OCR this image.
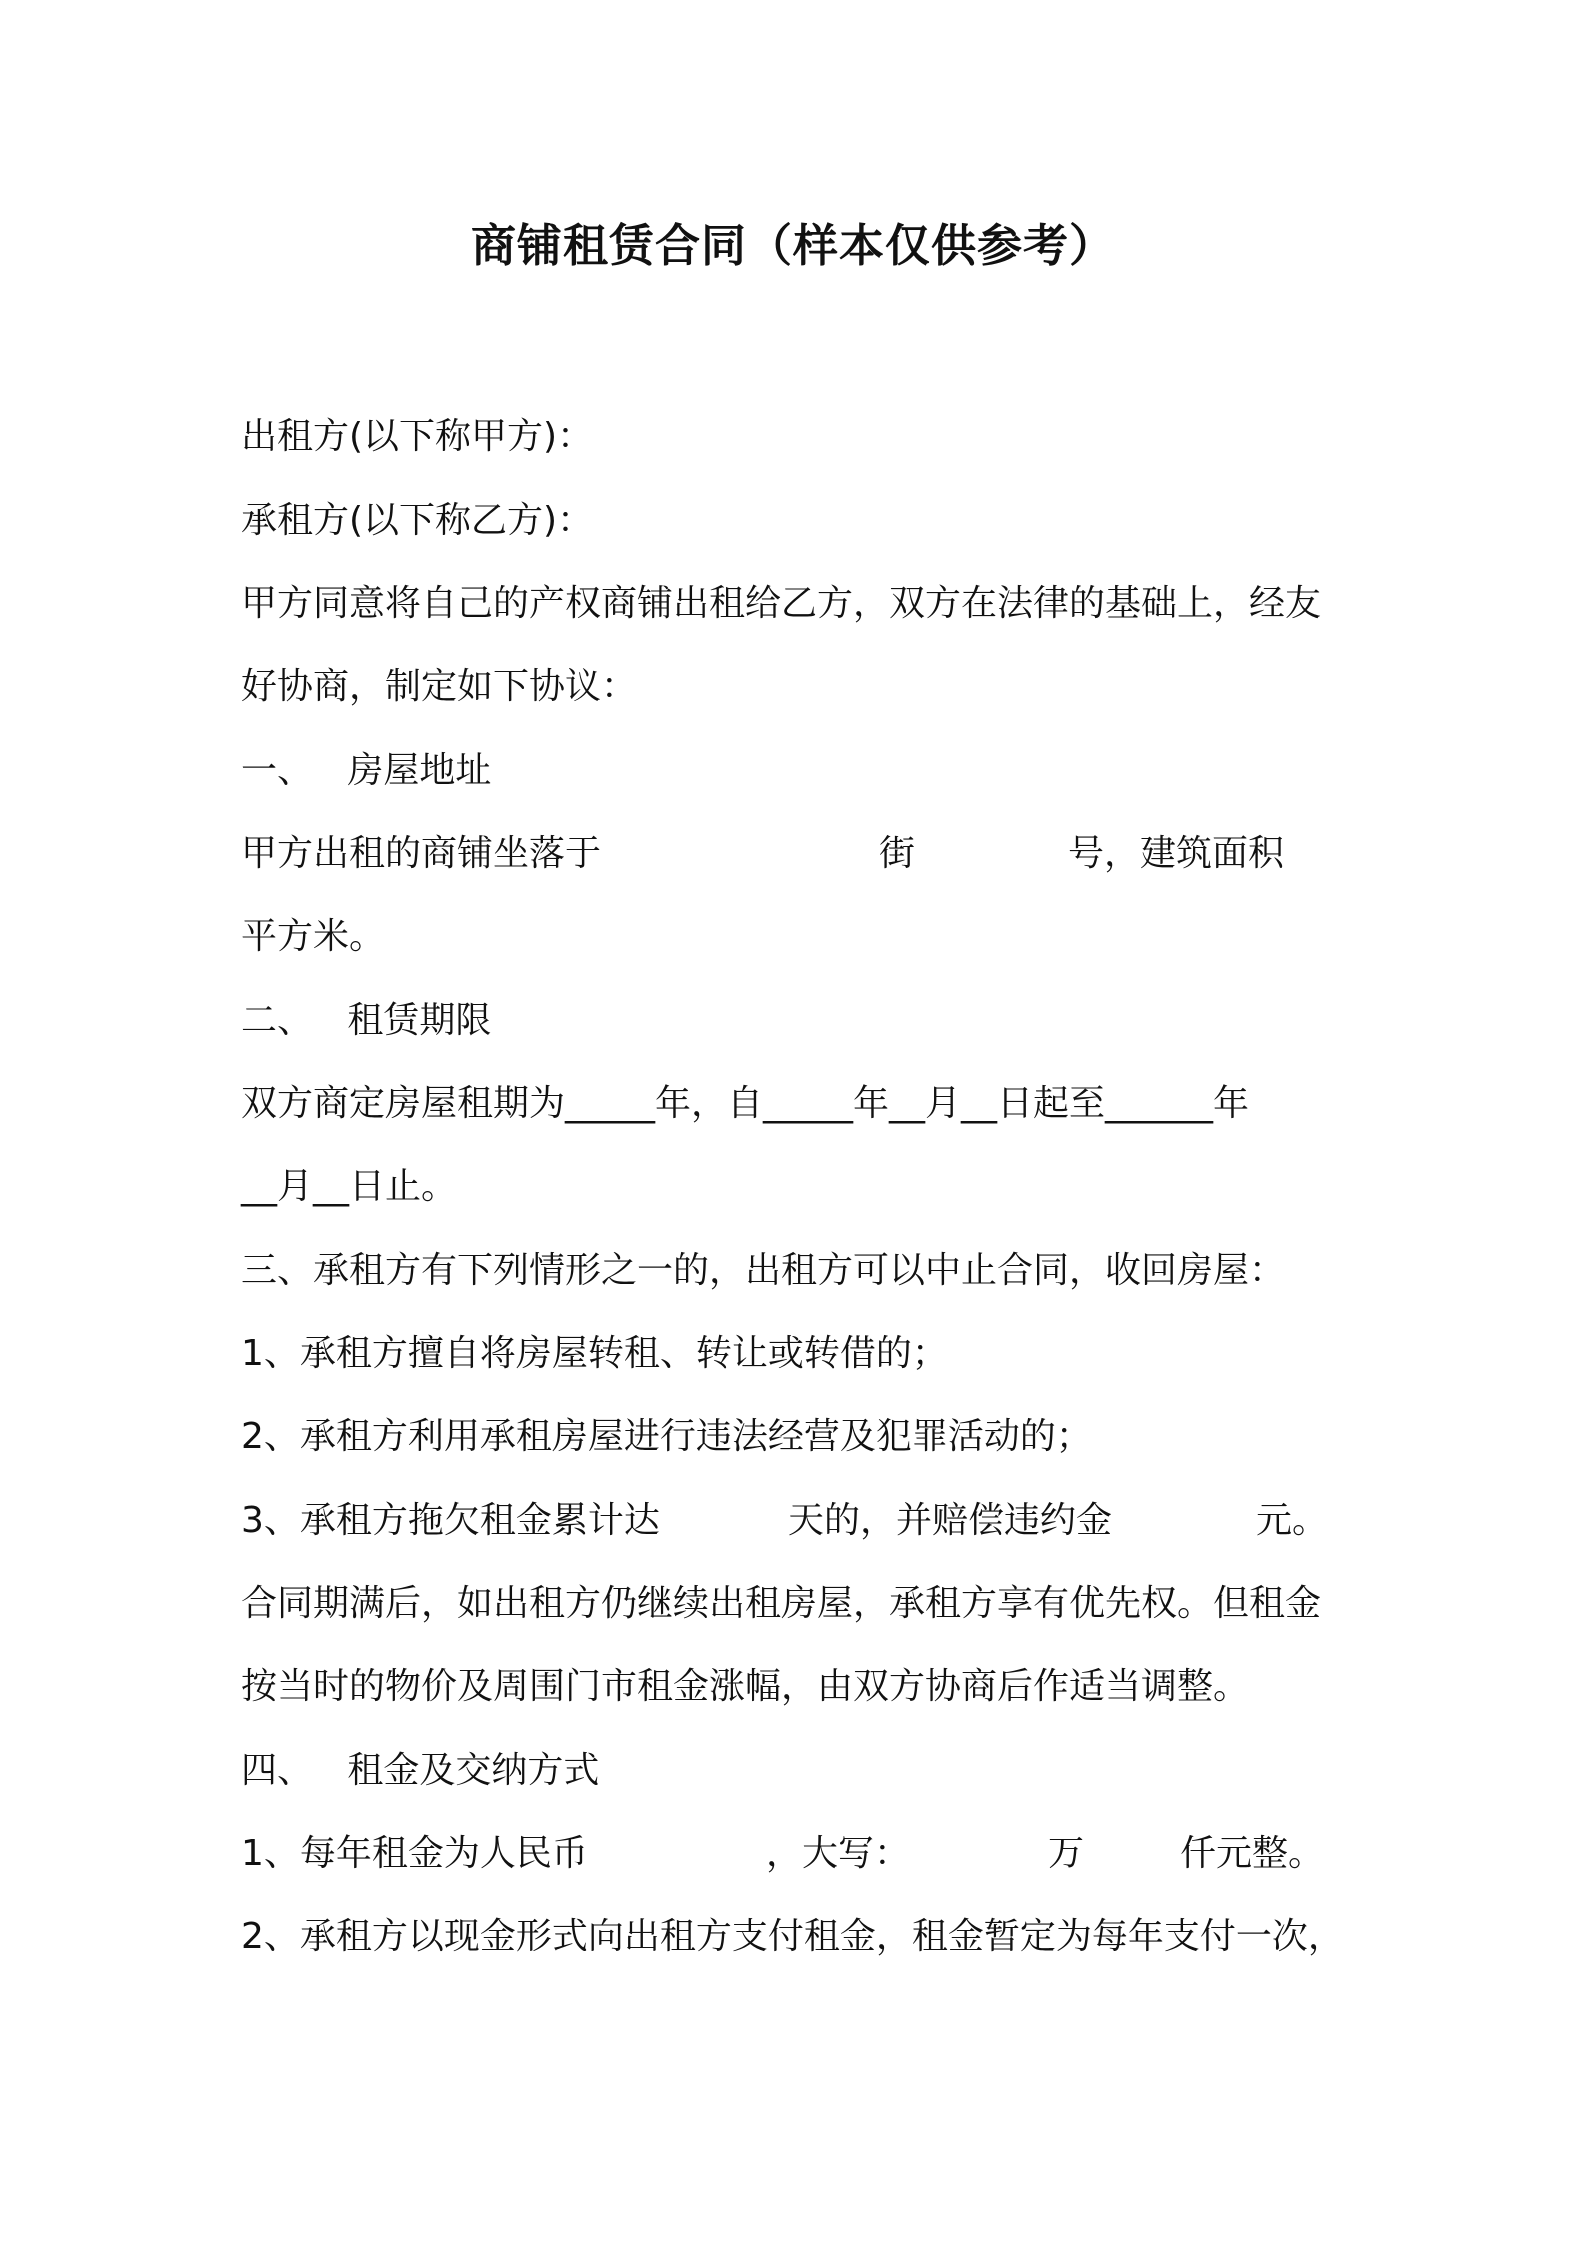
商铺租赁合同（样本仅供参考）
出租方(以下称甲方)：
承租方(以下称乙方)：
甲方同意将自己的产权商铺出租给乙方，双方在法律的基础上，经友
好协商，制定如下协议：
一、   房屋地址
甲方出租的商铺坐落于	街	号，建筑面积
平方米。
二、   租赁期限
双方商定房屋租期为_____年，自_____年__月__日起至______年
__月__日止。
三、承租方有下列情形之一的，出租方可以中止合同，收回房屋：
1、承租方擅自将房屋转租、转让或转借的；
2、承租方利用承租房屋进行违法经营及犯罪活动的；
3、承租方拖欠租金累计达	天的，并赔偿违约金	元。
合同期满后，如出租方仍继续出租房屋，承租方享有优先权。但租金
按当时的物价及周围门市租金涨幅，由双方协商后作适当调整。
四、   租金及交纳方式
1、每年租金为人民币	，大写：	万	仟元整。
2、承租方以现金形式向出租方支付租金，租金暂定为每年支付一次，
